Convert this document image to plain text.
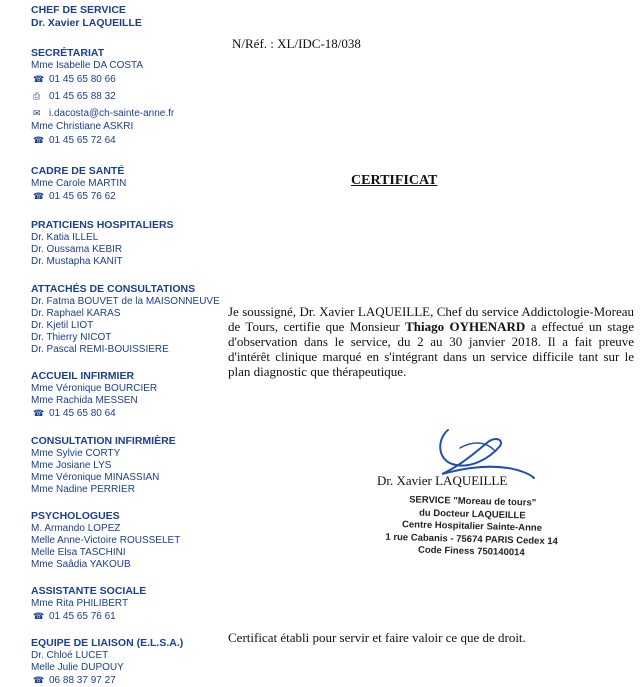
CHEF DE SERVICE
Dr. Xavier LAQUEILLE
SECRÉTARIAT
Mme Isabelle DA COSTA
☎01 45 65 80 66
⎙01 45 65 88 32
✉i.dacosta@ch-sainte-anne.fr
Mme Christiane ASKRI
☎01 45 65 72 64
CADRE DE SANTÉ
Mme Carole MARTIN
☎01 45 65 76 62
PRATICIENS HOSPITALIERS
Dr. Katia ILLEL
Dr. Oussama KEBIR
Dr. Mustapha KANIT
ATTACHÉS DE CONSULTATIONS
Dr. Fatma BOUVET de la MAISONNEUVE
Dr. Raphael KARAS
Dr. Kjetil LIOT
Dr. Thierry NICOT
Dr. Pascal REMI-BOUISSIERE
ACCUEIL INFIRMIER
Mme Véronique BOURCIER
Mme Rachida MESSEN
☎01 45 65 80 64
CONSULTATION INFIRMIÈRE
Mme Sylvie CORTY
Mme Josiane LYS
Mme Véronique MINASSIAN
Mme Nadine PERRIER
PSYCHOLOGUES
M. Armando LOPEZ
Melle Anne-Victoire ROUSSELET
Melle Elsa TASCHINI
Mme Saâdia YAKOUB
ASSISTANTE SOCIALE
Mme Rita PHILIBERT
☎01 45 65 76 61
EQUIPE DE LIAISON (E.L.S.A.)
Dr. Chloé LUCET
Melle Julie DUPOUY
☎06 88 37 97 27
N/Réf. : XL/IDC-18/038
CERTIFICAT

Je soussigné, Dr. Xavier LAQUEILLE, Chef du service Addictologie-Moreau de Tours, certifie que Monsieur Thiago OYHENARD a effectué un stage d'observation dans le service, du 2 au 30 janvier 2018. Il a fait preuve d'intérêt clinique marqué en s'intégrant dans un service difficile tant sur le plan diagnostic que thérapeutique.

Dr. Xavier LAQUEILLE
SERVICE "Moreau de tours"
du Docteur LAQUEILLE
Centre Hospitalier Sainte-Anne
1 rue Cabanis - 75674 PARIS Cedex 14
Code Finess 750140014
Certificat établi pour servir et faire valoir ce que de droit.
